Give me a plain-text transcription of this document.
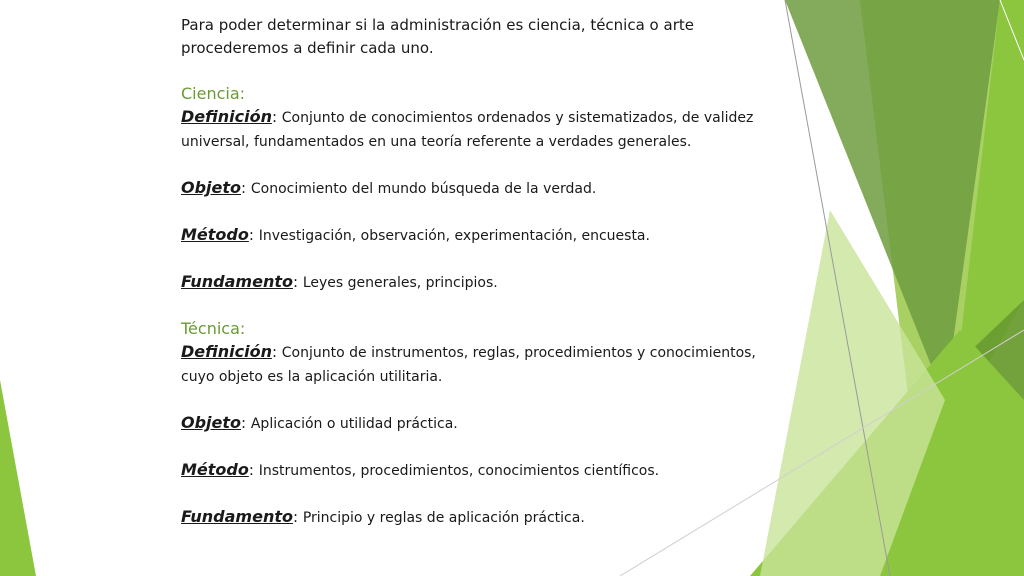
Para poder determinar si la administración es ciencia, técnica o arte procederemos a definir cada uno.

Ciencia:

Definición: Conjunto de conocimientos ordenados y sistematizados, de validez universal, fundamentados en una teoría referente a verdades generales.

Objeto: Conocimiento del mundo búsqueda de la verdad.

Método: Investigación, observación, experimentación, encuesta.

Fundamento: Leyes generales, principios.

Técnica:

Definición: Conjunto de instrumentos, reglas, procedimientos y conocimientos, cuyo objeto es la aplicación utilitaria.

Objeto: Aplicación o utilidad práctica.

Método: Instrumentos, procedimientos, conocimientos científicos.

Fundamento: Principio y reglas de aplicación práctica.
